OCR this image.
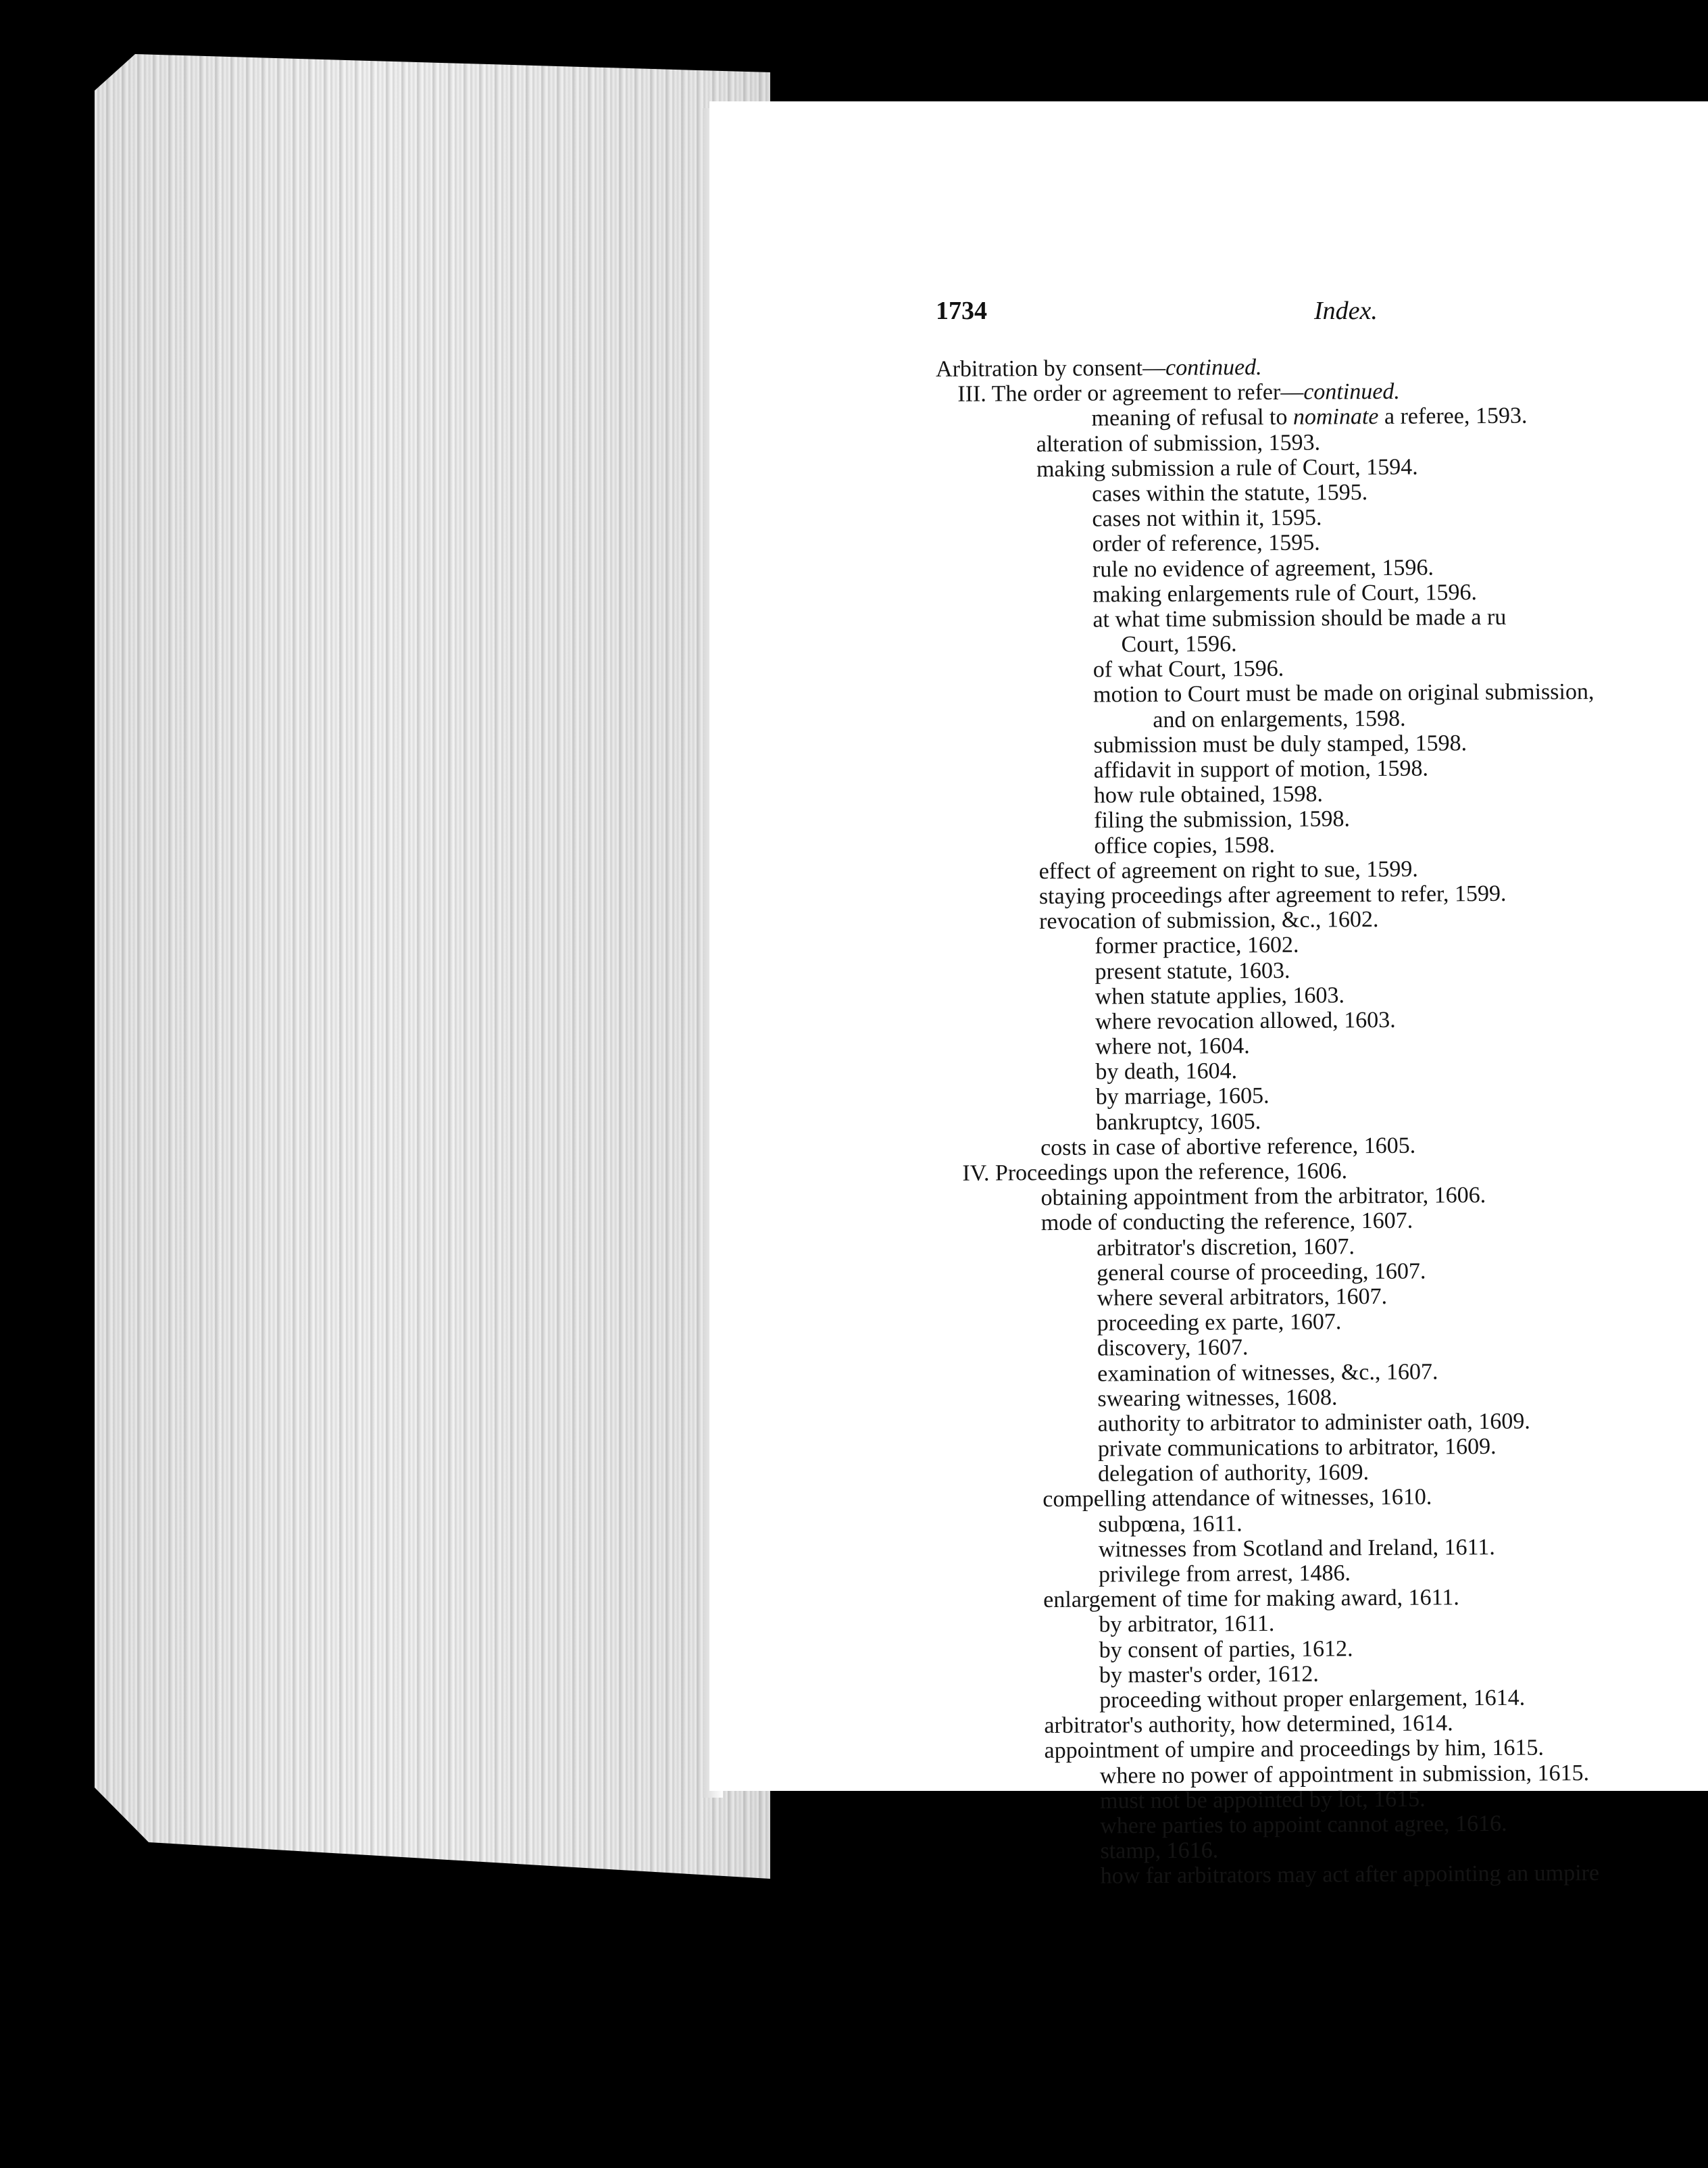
1734	Index.
Arbitration by consent—continued.
III. The order or agreement to refer—continued.
meaning of refusal to nominate a referee, 1593.
alteration of submission, 1593.
making submission a rule of Court, 1594.
cases within the statute, 1595.
cases not within it, 1595.
order of reference, 1595.
rule no evidence of agreement, 1596.
making enlargements rule of Court, 1596.
at what time submission should be made a ru
Court, 1596.
of what Court, 1596.
motion to Court must be made on original submission,
and on enlargements, 1598.
submission must be duly stamped, 1598.
affidavit in support of motion, 1598.
how rule obtained, 1598.
filing the submission, 1598.
office copies, 1598.
effect of agreement on right to sue, 1599.
staying proceedings after agreement to refer, 1599.
revocation of submission, &c., 1602.
former practice, 1602.
present statute, 1603.
when statute applies, 1603.
where revocation allowed, 1603.
where not, 1604.
by death, 1604.
by marriage, 1605.
bankruptcy, 1605.
costs in case of abortive reference, 1605.
IV. Proceedings upon the reference, 1606.
obtaining appointment from the arbitrator, 1606.
mode of conducting the reference, 1607.
arbitrator's discretion, 1607.
general course of proceeding, 1607.
where several arbitrators, 1607.
proceeding ex parte, 1607.
discovery, 1607.
examination of witnesses, &c., 1607.
swearing witnesses, 1608.
authority to arbitrator to administer oath, 1609.
private communications to arbitrator, 1609.
delegation of authority, 1609.
compelling attendance of witnesses, 1610.
subpœna, 1611.
witnesses from Scotland and Ireland, 1611.
privilege from arrest, 1486.
enlargement of time for making award, 1611.
by arbitrator, 1611.
by consent of parties, 1612.
by master's order, 1612.
proceeding without proper enlargement, 1614.
arbitrator's authority, how determined, 1614.
appointment of umpire and proceedings by him, 1615.
where no power of appointment in submission, 1615.
must not be appointed by lot, 1615.
where parties to appoint cannot agree, 1616.
stamp, 1616.
how far arbitrators may act after appointing an umpire
